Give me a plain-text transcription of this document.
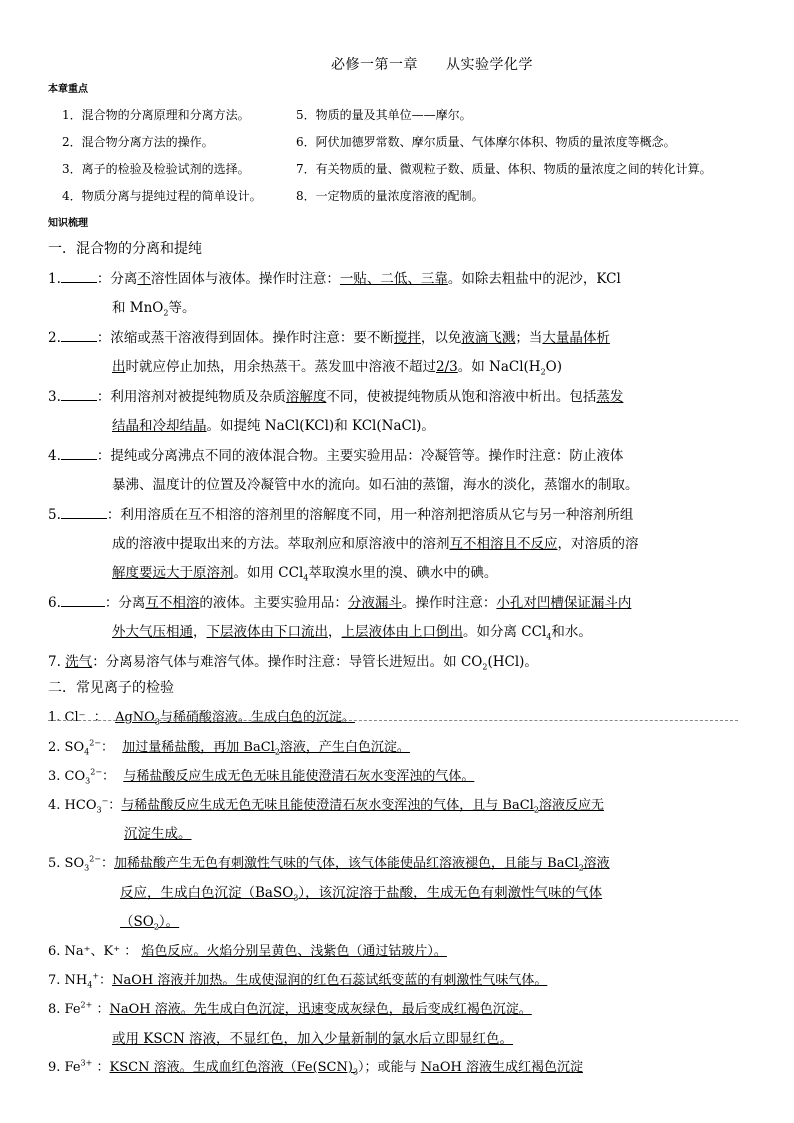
必修一第一章 从实验学化学
本章重点
1．混合物的分离原理和分离方法。
2．混合物分离方法的操作。
3．离子的检验及检验试剂的选择。
4．物质分离与提纯过程的简单设计。
5．物质的量及其单位——摩尔。
6．阿伏加德罗常数、摩尔质量、气体摩尔体积、物质的量浓度等概念。
7．有关物质的量、微观粒子数、质量、体积、物质的量浓度之间的转化计算。
8．一定物质的量浓度溶液的配制。
知识梳理
一．混合物的分离和提纯
1.	：分离不溶性固体与液体。操作时注意：一贴、二低、三靠。如除去粗盐中的泥沙，KCl
和 MnO$_2$等。
2.	：浓缩或蒸干溶液得到固体。操作时注意：要不断搅拌，以免液滴飞溅；当大量晶体析
出时就应停止加热，用余热蒸干。蒸发皿中溶液不超过2/3。如 $NaCl(H_2O)$
3.	：利用溶剂对被提纯物质及杂质溶解度不同，使被提纯物质从饱和溶液中析出。包括蒸发
结晶和冷却结晶。如提纯 NaCl(KCl)和 KCl(NaCl)。
4.	：提纯或分离沸点不同的液体混合物。主要实验用品：冷凝管等。操作时注意：防止液体
暴沸、温度计的位置及冷凝管中水的流向。如石油的蒸馏，海水的淡化，蒸馏水的制取。
5.	：利用溶质在互不相溶的溶剂里的溶解度不同，用一种溶剂把溶质从它与另一种溶剂所组
成的溶液中提取出来的方法。萃取剂应和原溶液中的溶剂互不相溶且不反应，对溶质的溶
解度要远大于原溶剂。如用 CCl$_4$萃取溴水里的溴、碘水中的碘。
6.	：分离互不相溶的液体。主要实验用品：分液漏斗。操作时注意：小孔对凹槽保证漏斗内
外大气压相通，下层液体由下口流出，上层液体由上口倒出。如分离 CCl$_4$和水。
7. 洗气：分离易溶气体与难溶气体。操作时注意：导管长进短出。如 $CO_2(HCl)$。
二．常见离子的检验
1. Cl⁻ ： AgNO$_3$与稀硝酸溶液。生成白色的沉淀。
2. $SO_4^{2-}$： 加过量稀盐酸，再加 BaCl$_2$溶液，产生白色沉淀。
3. $CO_3^{2-}$： 与稀盐酸反应生成无色无味且能使澄清石灰水变浑浊的气体。
4. $HCO_3^-$：与稀盐酸反应生成无色无味且能使澄清石灰水变浑浊的气体，且与 BaCl$_2$溶液反应无
沉淀生成。
5. $SO_3^{2-}$：加稀盐酸产生无色有刺激性气味的气体，该气体能使品红溶液褪色，且能与 BaCl$_2$溶液
反应，生成白色沉淀（BaSO$_3$），该沉淀溶于盐酸，生成无色有刺激性气味的气体
$(SO_2)$。
6. Na⁺、K⁺ ： 焰色反应。火焰分别呈黄色、浅紫色（通过钴玻片）。
7. $NH_4^+$：NaOH 溶液并加热。生成使湿润的红色石蕊试纸变蓝的有刺激性气味气体。
8. $Fe^{2+}$ ：NaOH 溶液。先生成白色沉淀，迅速变成灰绿色，最后变成红褐色沉淀。
或用 KSCN 溶液，不显红色，加入少量新制的氯水后立即显红色。
9. $Fe^{3+}$ ：KSCN 溶液。生成血红色溶液$(Fe(SCN)_3)$；或能与 NaOH 溶液生成红褐色沉淀
